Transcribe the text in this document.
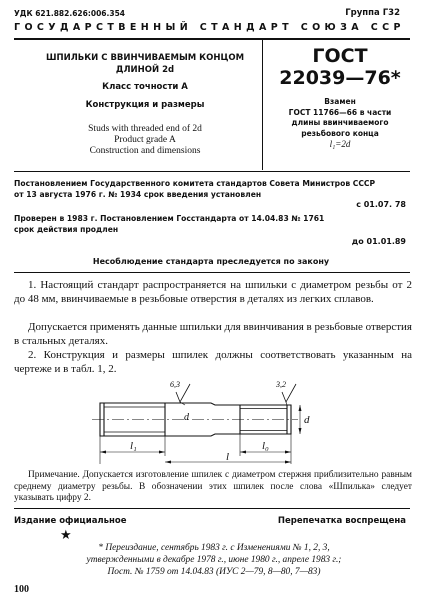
УДК 621.882.626:006.354	Группа Г32
ГОСУДАРСТВЕННЫЙ СТАНДАРТ СОЮЗА ССР
ШПИЛЬКИ С ВВИНЧИВАЕМЫМ КОНЦОМ
ДЛИНОЙ 2d
Класс точности А
Конструкция и размеры
Studs with threaded end of 2d
Product grade A
Construction and dimensions
ГОСТ
22039—76*
Взамен
ГОСТ 11766—66 в части
длины ввинчиваемого
резьбового конца
l₁=2d
Постановлением Государственного комитета стандартов Совета Министров СССР
от 13 августа 1976 г. № 1934 срок введения установлен
с 01.07. 78
Проверен в 1983 г. Постановлением Госстандарта от 14.04.83 № 1761
срок действия продлен
до 01.01.89
Несоблюдение стандарта преследуется по закону
1. Настоящий стандарт распространяется на шпильки с диаметром резьбы от 2 до 48 мм, ввинчиваемые в резьбовые отверстия в деталях из легких сплавов.
Допускается применять данные шпильки для ввинчивания в резьбовые отверстия в стальных деталях.
2. Конструкция и размеры шпилек должны соответствовать указанным на чертеже и в табл. 1, 2.
6,3	3,2
d	d
l₁	l₀
l
Примечание. Допускается изготовление шпилек с диаметром стержня приблизительно равным среднему диаметру резьбы. В обозначении этих шпилек после слова «Шпилька» следует указывать цифру 2.
Издание официальное	Перепечатка воспрещена
★
* Переиздание, сентябрь 1983 г. с Изменениями № 1, 2, 3,
утвержденными в декабре 1978 г., июне 1980 г., апреле 1983 г.;
Пост. № 1759 от 14.04.83 (ИУС 2—79, 8—80, 7—83)
100
